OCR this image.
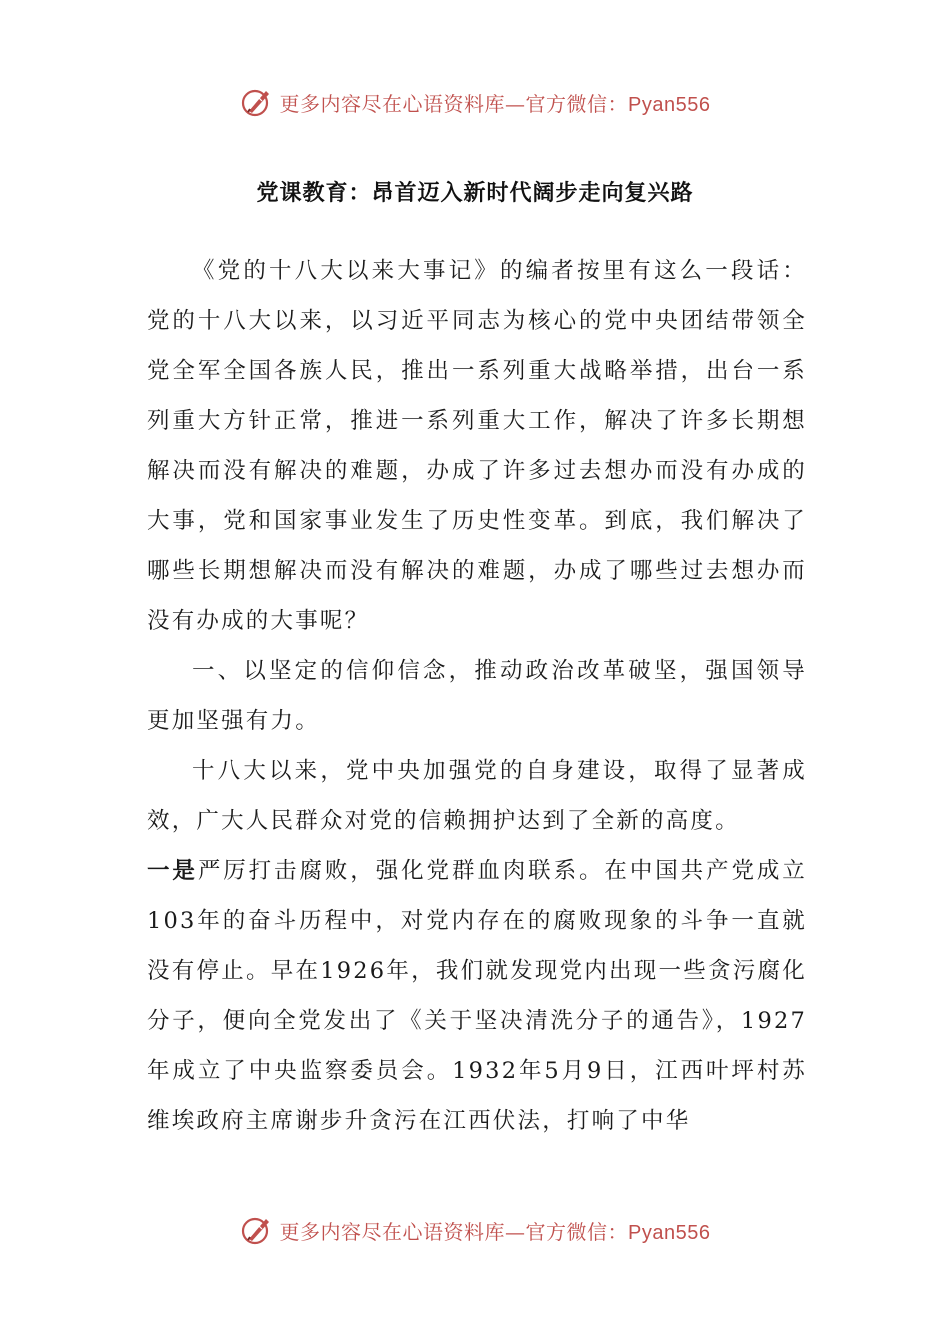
更多内容尽在心语资料库—官方微信：Pyan556
党课教育：昂首迈入新时代阔步走向复兴路

《党的十八大以来大事记》的编者按里有这么一段话：党的十八大以来，以习近平同志为核心的党中央团结带领全党全军全国各族人民，推出一系列重大战略举措，出台一系列重大方针正常，推进一系列重大工作，解决了许多长期想解决而没有解决的难题，办成了许多过去想办而没有办成的大事，党和国家事业发生了历史性变革。到底，我们解决了哪些长期想解决而没有解决的难题，办成了哪些过去想办而没有办成的大事呢？

一、以坚定的信仰信念，推动政治改革破坚，强国领导更加坚强有力。

十八大以来，党中央加强党的自身建设，取得了显著成效，广大人民群众对党的信赖拥护达到了全新的高度。

一是严厉打击腐败，强化党群血肉联系。在中国共产党成立103年的奋斗历程中，对党内存在的腐败现象的斗争一直就没有停止。早在1926年，我们就发现党内出现一些贪污腐化分子，便向全党发出了《关于坚决清洗分子的通告》，1927年成立了中央监察委员会。1932年5月9日，江西叶坪村苏维埃政府主席谢步升贪污在江西伏法，打响了中华

更多内容尽在心语资料库—官方微信：Pyan556
